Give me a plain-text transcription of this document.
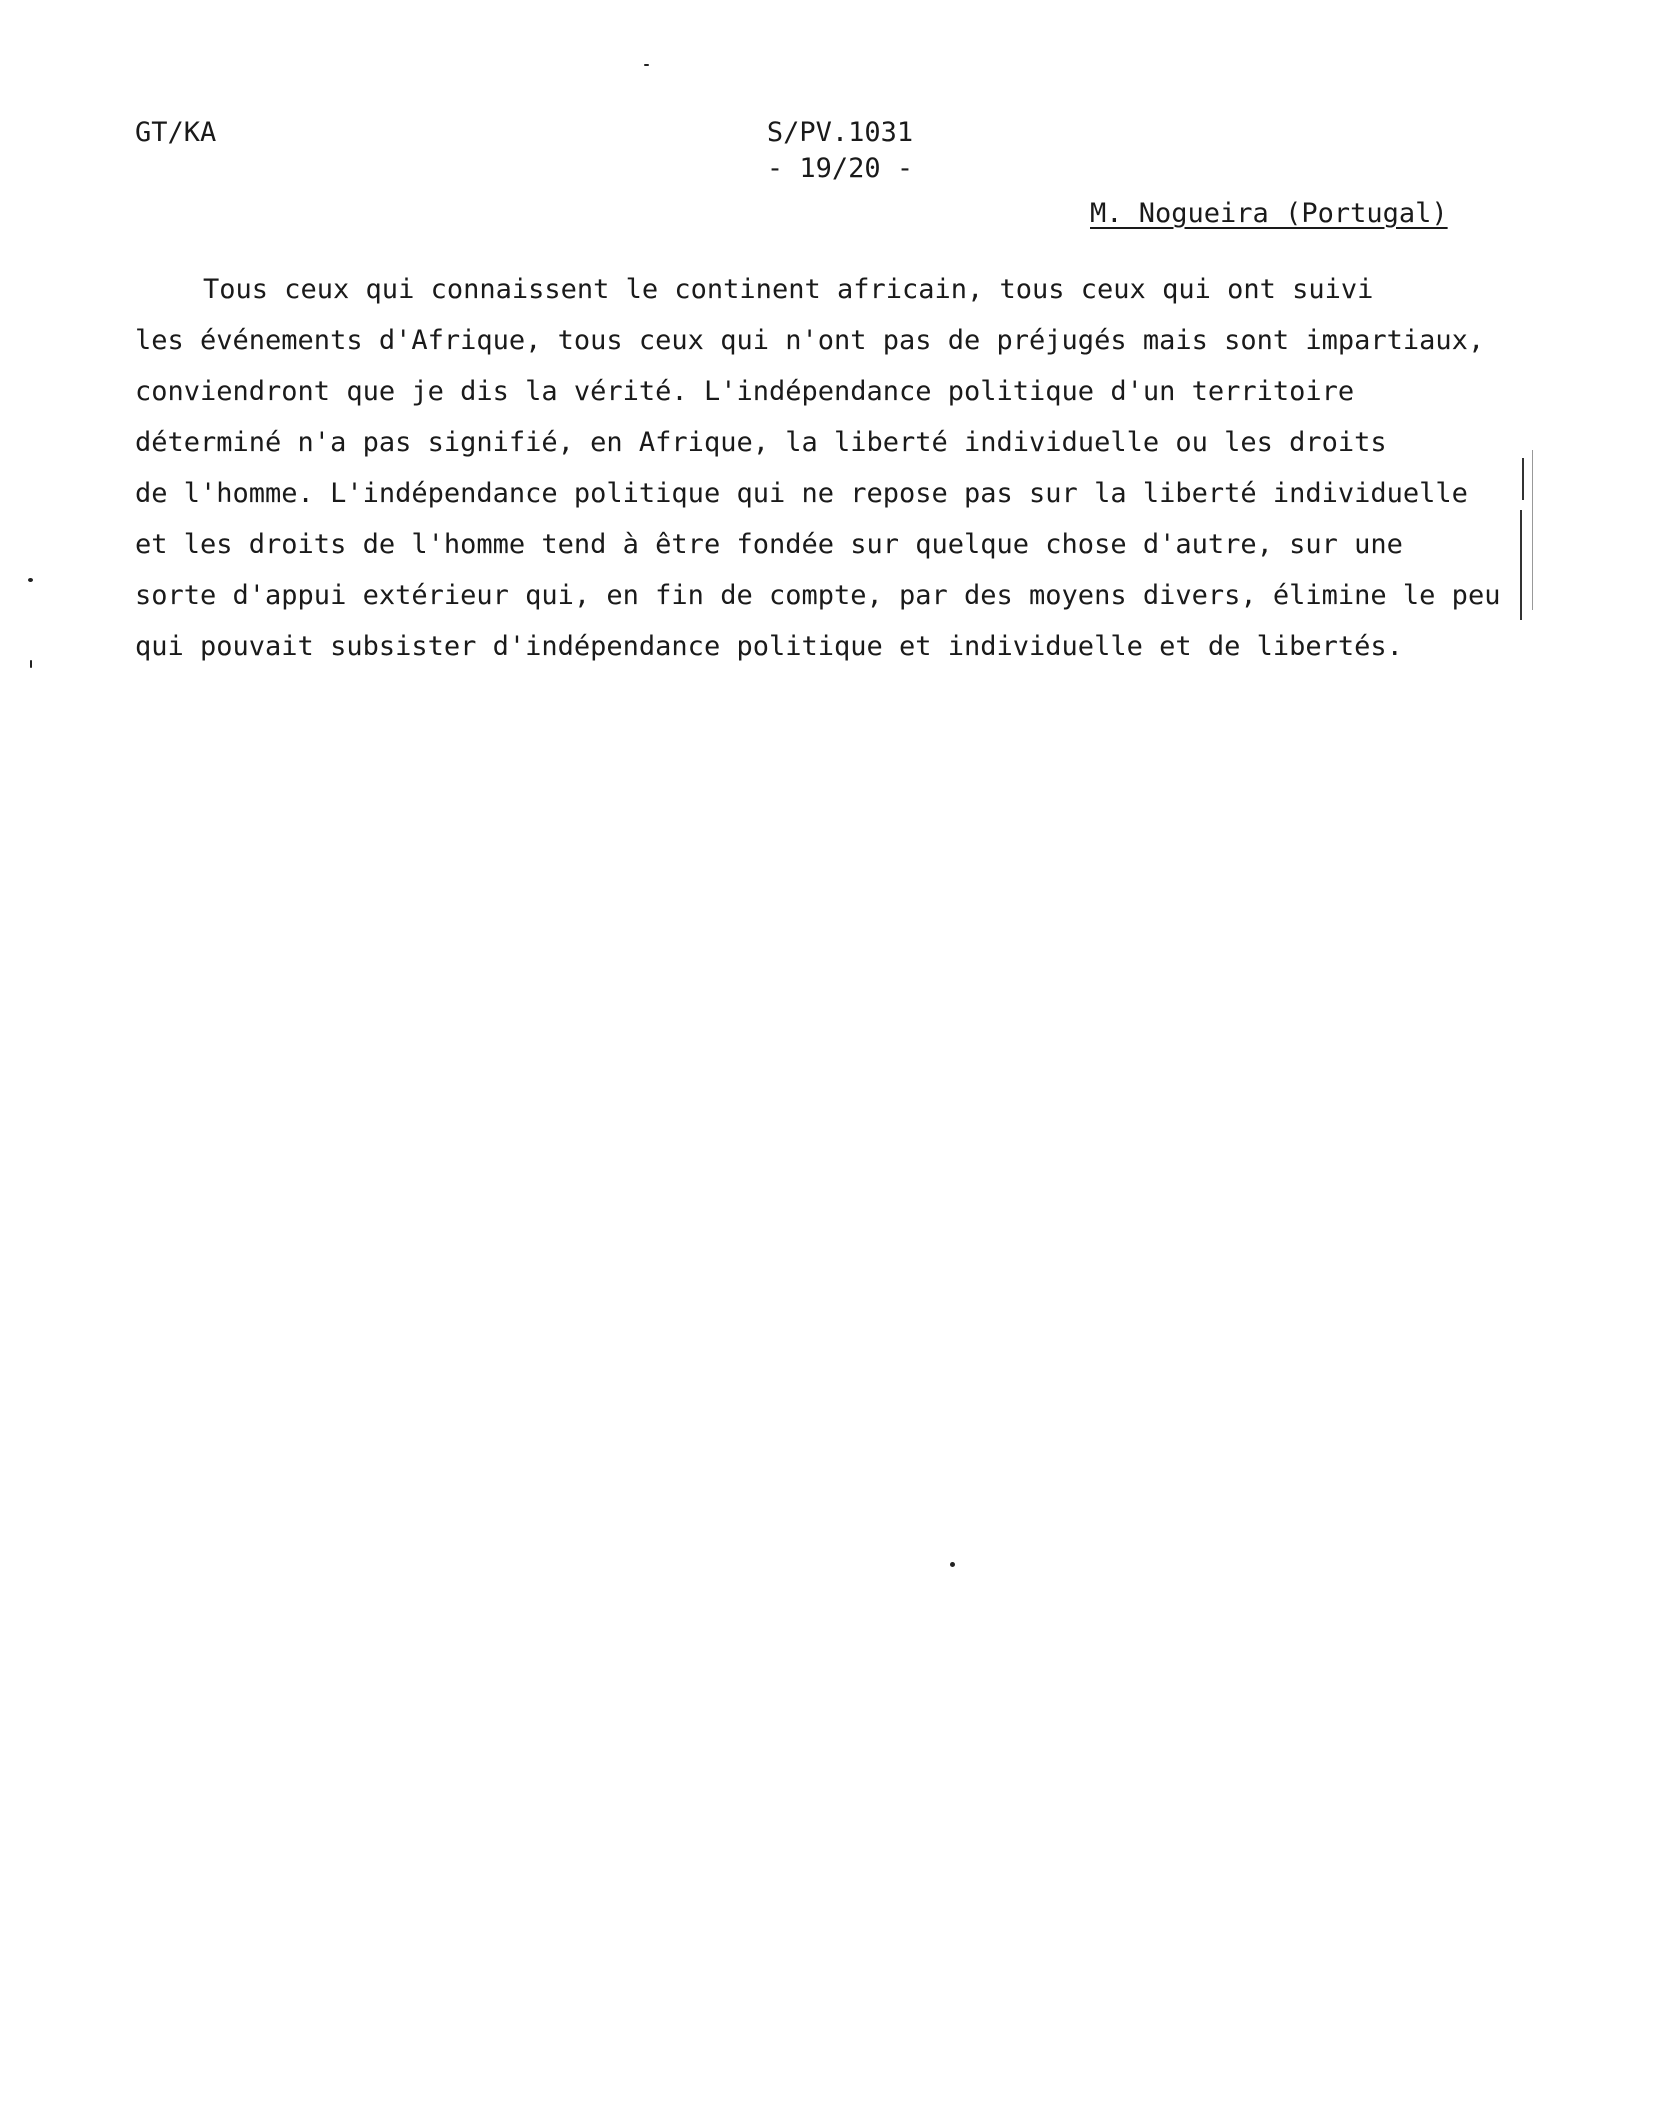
GT/KA	S/PV.1031
- 19/20 -
M. Nogueira (Portugal)
Tous ceux qui connaissent le continent africain, tous ceux qui ont suivi
les événements d'Afrique, tous ceux qui n'ont pas de préjugés mais sont impartiaux,
conviendront que je dis la vérité. L'indépendance politique d'un territoire
déterminé n'a pas signifié, en Afrique, la liberté individuelle ou les droits
de l'homme. L'indépendance politique qui ne repose pas sur la liberté individuelle
et les droits de l'homme tend à être fondée sur quelque chose d'autre, sur une
sorte d'appui extérieur qui, en fin de compte, par des moyens divers, élimine le peu
qui pouvait subsister d'indépendance politique et individuelle et de libertés.
